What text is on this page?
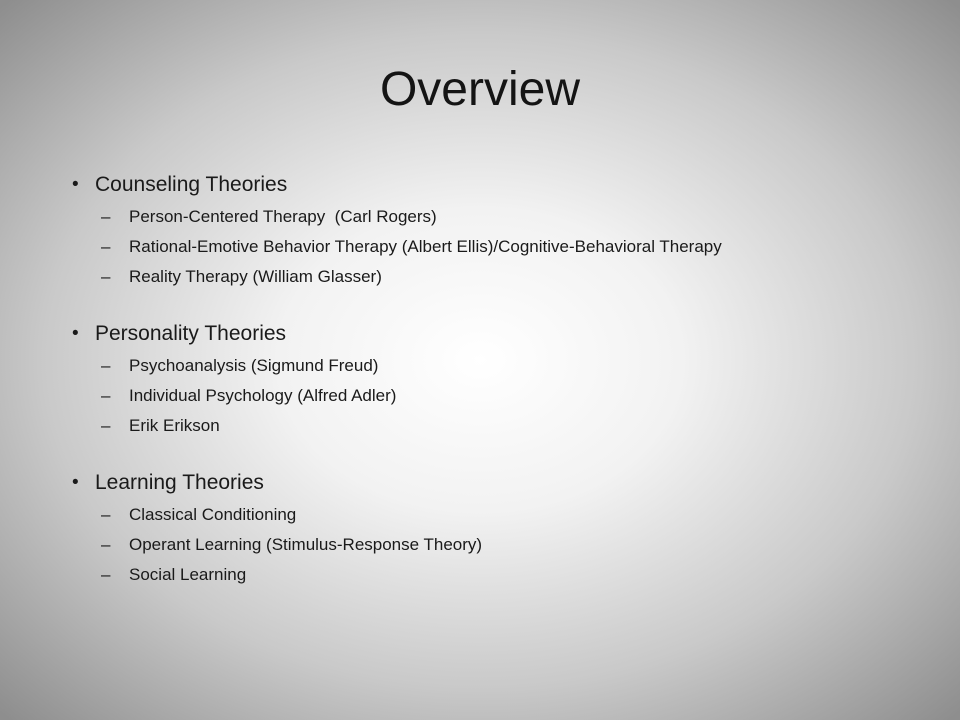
Overview
• Counseling Theories
– Person-Centered Therapy  (Carl Rogers)
– Rational-Emotive Behavior Therapy (Albert Ellis)/Cognitive-Behavioral Therapy
– Reality Therapy (William Glasser)
• Personality Theories
– Psychoanalysis (Sigmund Freud)
– Individual Psychology (Alfred Adler)
– Erik Erikson
• Learning Theories
– Classical Conditioning
– Operant Learning (Stimulus-Response Theory)
– Social Learning
